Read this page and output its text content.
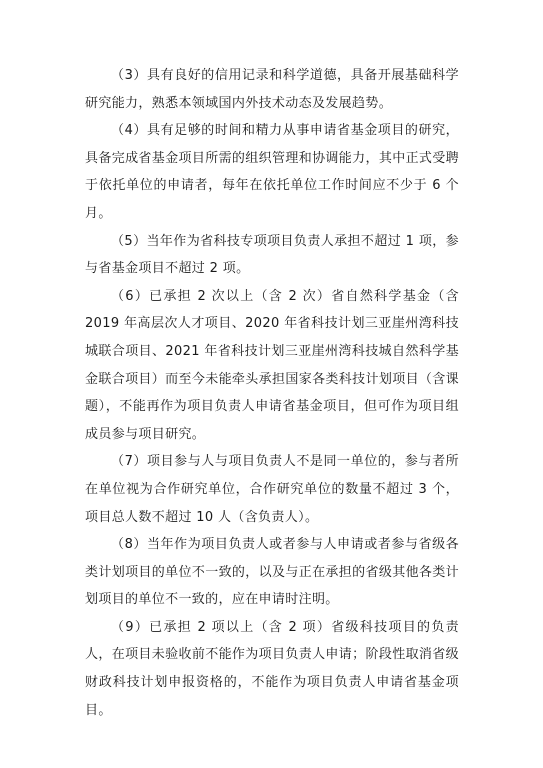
（3）具有良好的信用记录和科学道德，具备开展基础科学研究能力，熟悉本领域国内外技术动态及发展趋势。

（4）具有足够的时间和精力从事申请省基金项目的研究，具备完成省基金项目所需的组织管理和协调能力，其中正式受聘于依托单位的申请者，每年在依托单位工作时间应不少于 6 个月。

（5）当年作为省科技专项项目负责人承担不超过 1 项，参与省基金项目不超过 2 项。

（6）已承担 2 次以上（含 2 次）省自然科学基金（含 2019 年高层次人才项目、2020 年省科技计划三亚崖州湾科技城联合项目、2021 年省科技计划三亚崖州湾科技城自然科学基金联合项目）而至今未能牵头承担国家各类科技计划项目（含课题），不能再作为项目负责人申请省基金项目，但可作为项目组成员参与项目研究。

（7）项目参与人与项目负责人不是同一单位的，参与者所在单位视为合作研究单位，合作研究单位的数量不超过 3 个，项目总人数不超过 10 人（含负责人）。

（8）当年作为项目负责人或者参与人申请或者参与省级各类计划项目的单位不一致的，以及与正在承担的省级其他各类计划项目的单位不一致的，应在申请时注明。

（9）已承担 2 项以上（含 2 项）省级科技项目的负责人，在项目未验收前不能作为项目负责人申请；阶段性取消省级财政科技计划申报资格的，不能作为项目负责人申请省基金项目。
